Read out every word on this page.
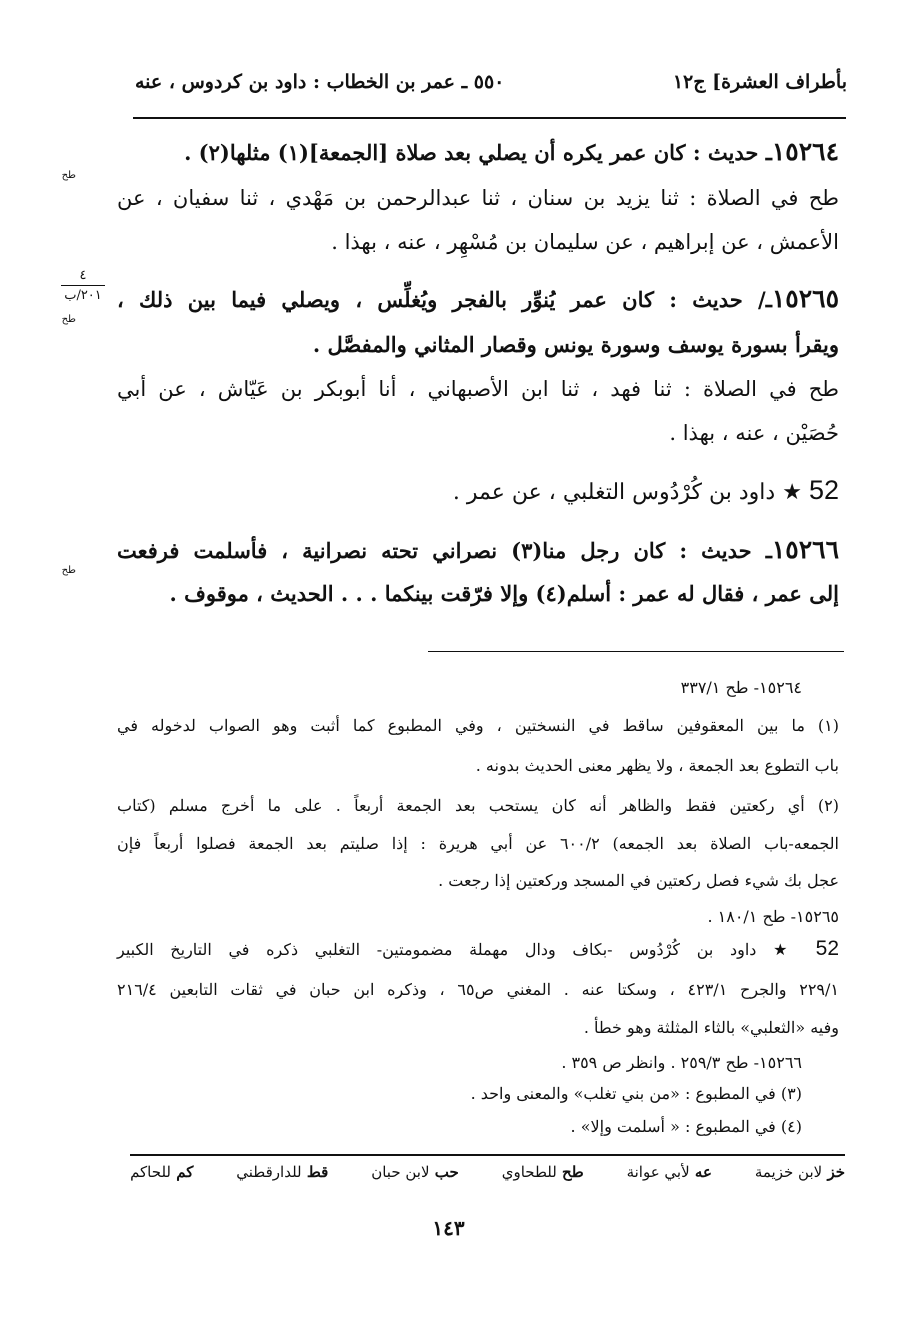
بأطراف العشرة] ج١٢
٥٥٠ ـ عمر بن الخطاب : داود بن كردوس ، عنه
١٥٢٦٤ـ حديث : كان عمر يكره أن يصلي بعد صلاة [الجمعة](١) مثلها(٢) .
طح
طح في الصلاة : ثنا يزيد بن سنان ، ثنا عبدالرحمن بن مَهْدي ، ثنا سفيان ، عن
الأعمش ، عن إبراهيم ، عن سليمان بن مُسْهِر ، عنه ، بهذا .
٤
٢٠١/ب	١٥٢٦٥ـ/ حديث : كان عمر يُنوِّر بالفجر ويُغلِّس ، ويصلي فيما بين ذلك ،
طح
ويقرأ بسورة يوسف وسورة يونس وقصار المثاني والمفصَّل .
طح في الصلاة : ثنا فهد ، ثنا ابن الأصبهاني ، أنا أبوبكر بن عَيّاش ، عن أبي
حُصَيْن ، عنه ، بهذا .
52 ★ داود بن كُرْدُوس التغلبي ، عن عمر .
١٥٢٦٦ـ حديث : كان رجل منا(٣) نصراني تحته نصرانية ، فأسلمت فرفعت
طح
إلى عمر ، فقال له عمر : أسلم(٤) وإلا فرّقت بينكما . . . الحديث ، موقوف .
١٥٢٦٤- طح ٣٣٧/١
(١) ما بين المعقوفين ساقط في النسختين ، وفي المطبوع كما أثبت وهو الصواب لدخوله في
باب التطوع بعد الجمعة ، ولا يظهر معنى الحديث بدونه .
(٢) أي ركعتين فقط والظاهر أنه كان يستحب بعد الجمعة أربعاً . على ما أخرج مسلم (كتاب
الجمعه-باب الصلاة بعد الجمعه) ٦٠٠/٢ عن أبي هريرة : إذا صليتم بعد الجمعة فصلوا أربعاً فإن
عجل بك شيء فصل ركعتين في المسجد وركعتين إذا رجعت .
١٥٢٦٥- طح ١٨٠/١ .
52 ★ داود بن كُرْدُوس -بكاف ودال مهملة مضمومتين- التغلبي ذكره في التاريخ الكبير
٢٢٩/١ والجرح ٤٢٣/١ ، وسكتا عنه . المغني ص٦٥ ، وذكره ابن حبان في ثقات التابعين ٢١٦/٤
وفيه «الثعلبي» بالثاء المثلثة وهو خطأ .
١٥٢٦٦- طح ٢٥٩/٣ . وانظر ص ٣٥٩ .
(٣) في المطبوع : «من بني تغلب» والمعنى واحد .
(٤) في المطبوع : « أسلمت وإلا» .
خز لابن خزيمة
عه لأبي عوانة
طح للطحاوي
حب لابن حبان
قط للدارقطني
كم للحاكم
١٤٣
